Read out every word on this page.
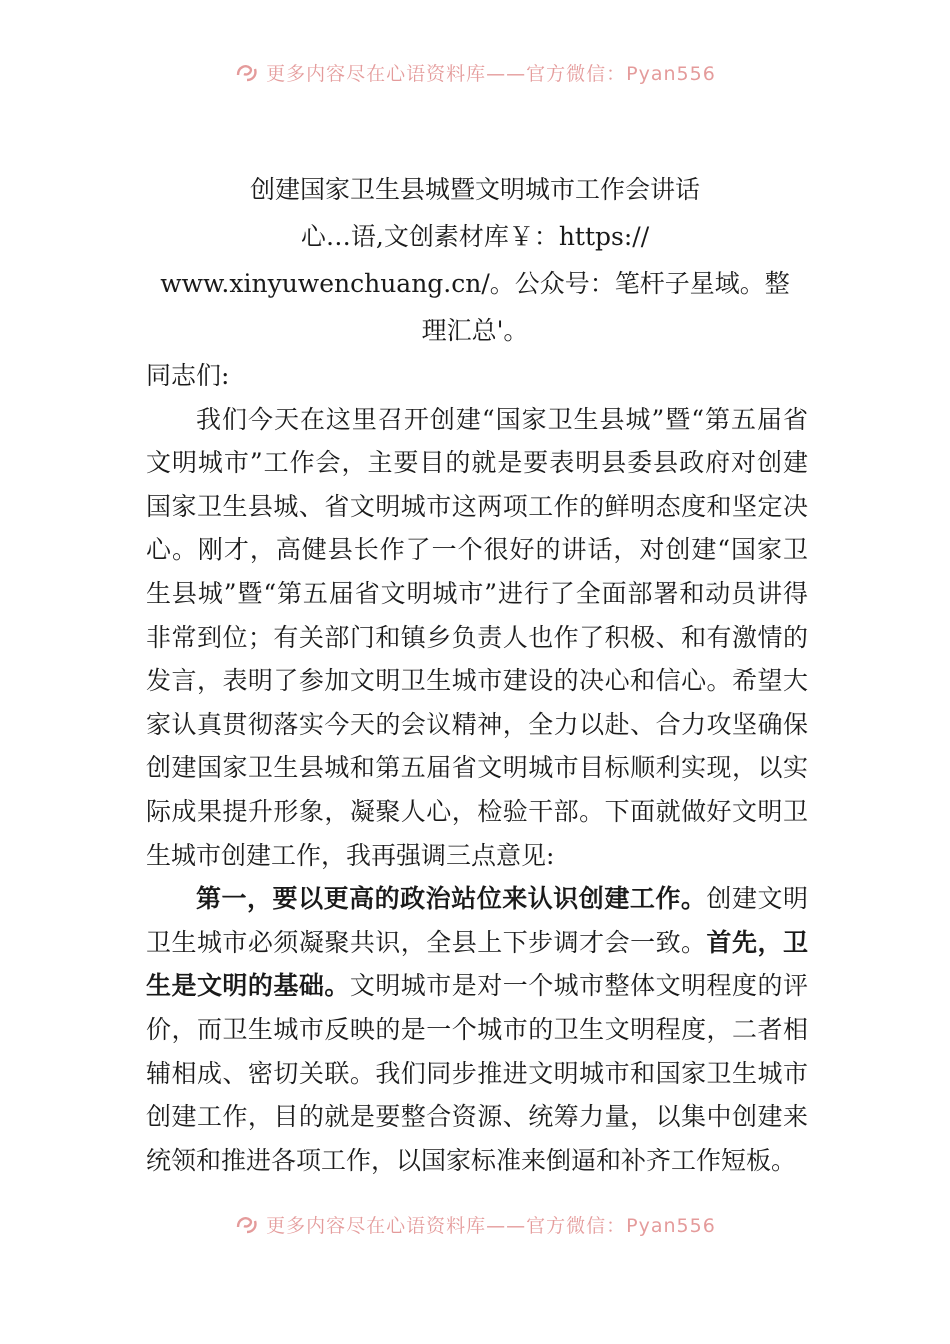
更多内容尽在心语资料库——官方微信：Pyan556
创建国家卫生县城暨文明城市工作会讲话
心…语,文创素材库￥：https://
www.xinyuwenchuang.cn/。公众号：笔杆子星域。整
理汇总'。

同志们:

我们今天在这里召开创建“国家卫生县城”暨“第五届省文明城市”工作会，主要目的就是要表明县委县政府对创建国家卫生县城、省文明城市这两项工作的鲜明态度和坚定决心。刚才，高健县长作了一个很好的讲话，对创建“国家卫生县城”暨“第五届省文明城市”进行了全面部署和动员讲得非常到位；有关部门和镇乡负责人也作了积极、和有激情的发言，表明了参加文明卫生城市建设的决心和信心。希望大家认真贯彻落实今天的会议精神，全力以赴、合力攻坚确保创建国家卫生县城和第五届省文明城市目标顺利实现，以实际成果提升形象，凝聚人心，检验干部。下面就做好文明卫生城市创建工作，我再强调三点意见:

第一，要以更高的政治站位来认识创建工作。创建文明卫生城市必须凝聚共识，全县上下步调才会一致。首先，卫生是文明的基础。文明城市是对一个城市整体文明程度的评价，而卫生城市反映的是一个城市的卫生文明程度，二者相辅相成、密切关联。我们同步推进文明城市和国家卫生城市创建工作，目的就是要整合资源、统筹力量，以集中创建来统领和推进各项工作，以国家标准来倒逼和补齐工作短板。

更多内容尽在心语资料库——官方微信：Pyan556
